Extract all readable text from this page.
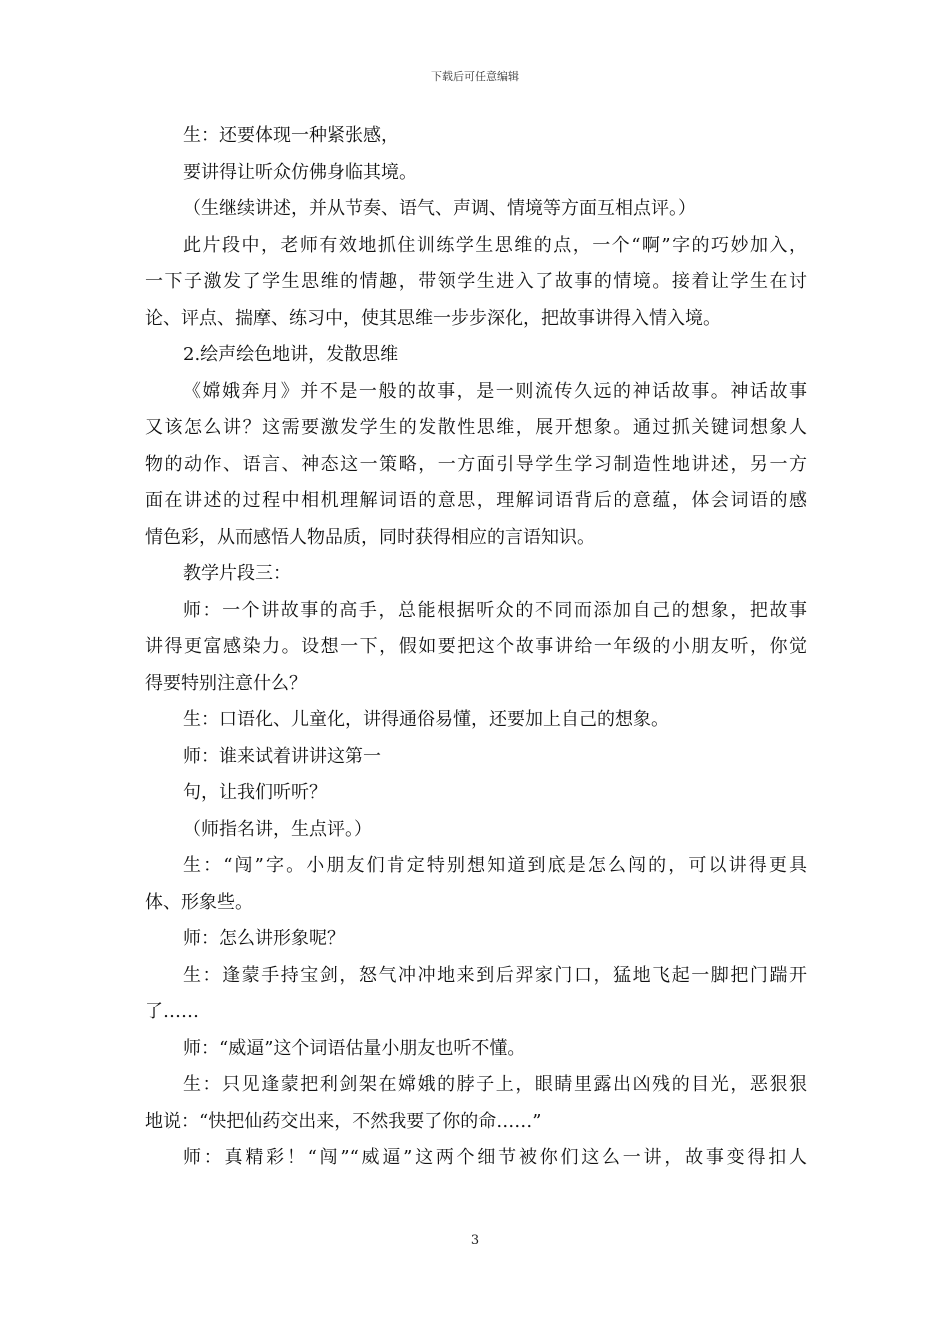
下载后可任意编辑
生：还要体现一种紧张感，
要讲得让听众仿佛身临其境。
（生继续讲述，并从节奏、语气、声调、情境等方面互相点评。）
此片段中，老师有效地抓住训练学生思维的点，一个“啊”字的巧妙加入，
一下子激发了学生思维的情趣，带领学生进入了故事的情境。接着让学生在讨
论、评点、揣摩、练习中，使其思维一步步深化，把故事讲得入情入境。
2.绘声绘色地讲，发散思维
《嫦娥奔月》并不是一般的故事，是一则流传久远的神话故事。神话故事
又该怎么讲？这需要激发学生的发散性思维，展开想象。通过抓关键词想象人
物的动作、语言、神态这一策略，一方面引导学生学习制造性地讲述，另一方
面在讲述的过程中相机理解词语的意思，理解词语背后的意蕴，体会词语的感
情色彩，从而感悟人物品质，同时获得相应的言语知识。
教学片段三：
师：一个讲故事的高手，总能根据听众的不同而添加自己的想象，把故事
讲得更富感染力。设想一下，假如要把这个故事讲给一年级的小朋友听，你觉
得要特别注意什么？
生：口语化、儿童化，讲得通俗易懂，还要加上自己的想象。
师：谁来试着讲讲这第一
句，让我们听听？
（师指名讲，生点评。）
生：“闯”字。小朋友们肯定特别想知道到底是怎么闯的，可以讲得更具
体、形象些。
师：怎么讲形象呢？
生：逢蒙手持宝剑，怒气冲冲地来到后羿家门口，猛地飞起一脚把门踹开
了……
师：“威逼”这个词语估量小朋友也听不懂。
生：只见逢蒙把利剑架在嫦娥的脖子上，眼睛里露出凶残的目光，恶狠狠
地说：“快把仙药交出来，不然我要了你的命……”
师：真精彩！“闯”“威逼”这两个细节被你们这么一讲，故事变得扣人
3
